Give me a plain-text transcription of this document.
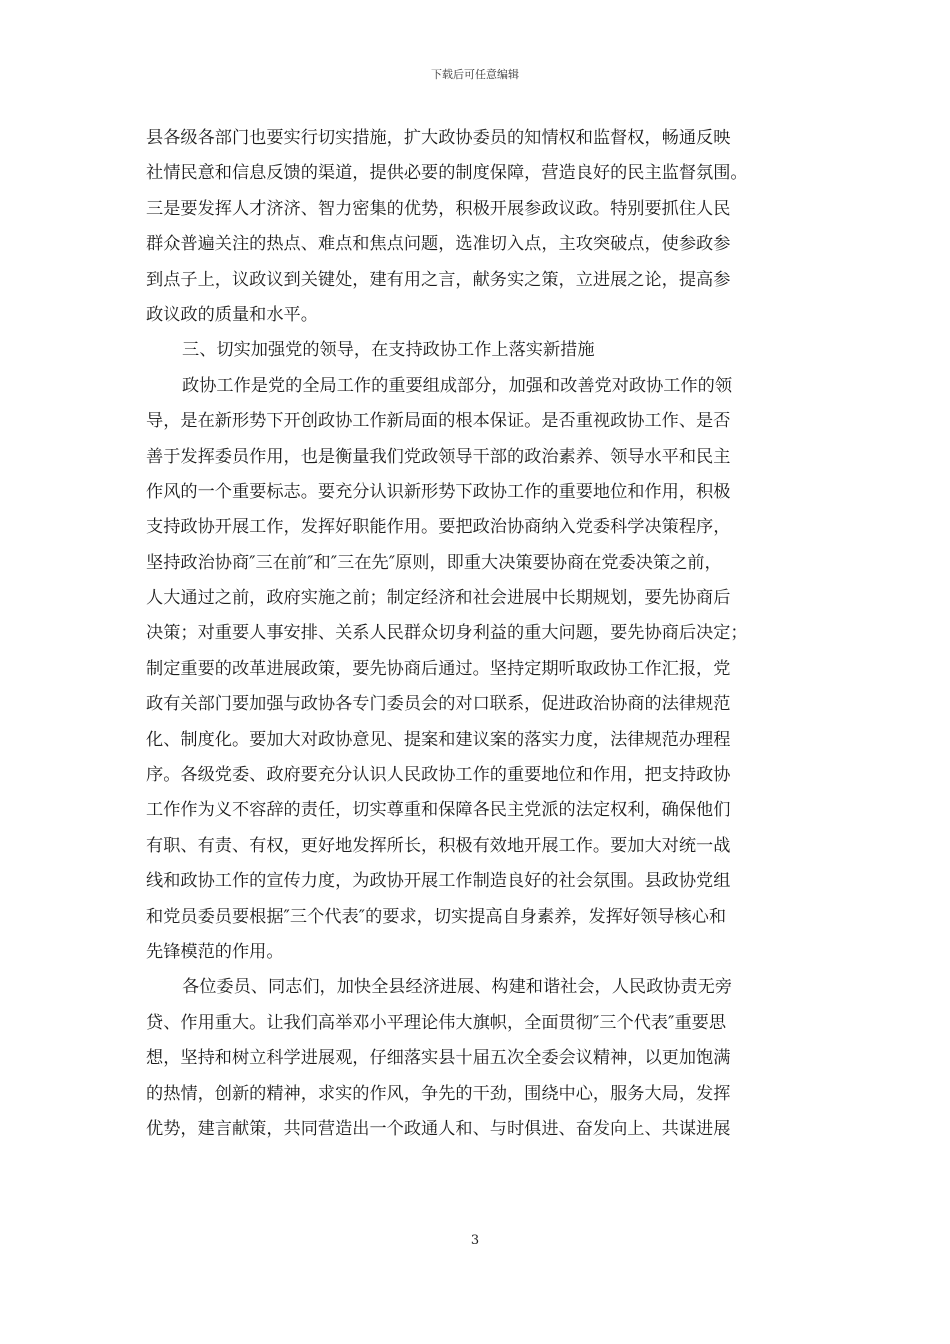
下载后可任意编辑
县各级各部门也要实行切实措施，扩大政协委员的知情权和监督权，畅通反映
社情民意和信息反馈的渠道，提供必要的制度保障，营造良好的民主监督氛围。
三是要发挥人才济济、智力密集的优势，积极开展参政议政。特别要抓住人民
群众普遍关注的热点、难点和焦点问题，选准切入点，主攻突破点，使参政参
到点子上，议政议到关键处，建有用之言，献务实之策，立进展之论，提高参
政议政的质量和水平。
三、切实加强党的领导，在支持政协工作上落实新措施
政协工作是党的全局工作的重要组成部分，加强和改善党对政协工作的领
导，是在新形势下开创政协工作新局面的根本保证。是否重视政协工作、是否
善于发挥委员作用，也是衡量我们党政领导干部的政治素养、领导水平和民主
作风的一个重要标志。要充分认识新形势下政协工作的重要地位和作用，积极
支持政协开展工作，发挥好职能作用。要把政治协商纳入党委科学决策程序，
坚持政治协商″三在前″和″三在先″原则，即重大决策要协商在党委决策之前，
人大通过之前，政府实施之前；制定经济和社会进展中长期规划，要先协商后
决策；对重要人事安排、关系人民群众切身利益的重大问题，要先协商后决定；
制定重要的改革进展政策，要先协商后通过。坚持定期听取政协工作汇报，党
政有关部门要加强与政协各专门委员会的对口联系，促进政治协商的法律规范
化、制度化。要加大对政协意见、提案和建议案的落实力度，法律规范办理程
序。各级党委、政府要充分认识人民政协工作的重要地位和作用，把支持政协
工作作为义不容辞的责任，切实尊重和保障各民主党派的法定权利，确保他们
有职、有责、有权，更好地发挥所长，积极有效地开展工作。要加大对统一战
线和政协工作的宣传力度，为政协开展工作制造良好的社会氛围。县政协党组
和党员委员要根据″三个代表″的要求，切实提高自身素养，发挥好领导核心和
先锋模范的作用。
各位委员、同志们，加快全县经济进展、构建和谐社会，人民政协责无旁
贷、作用重大。让我们高举邓小平理论伟大旗帜，全面贯彻″三个代表″重要思
想，坚持和树立科学进展观，仔细落实县十届五次全委会议精神，以更加饱满
的热情，创新的精神，求实的作风，争先的干劲，围绕中心，服务大局，发挥
优势，建言献策，共同营造出一个政通人和、与时俱进、奋发向上、共谋进展
3
